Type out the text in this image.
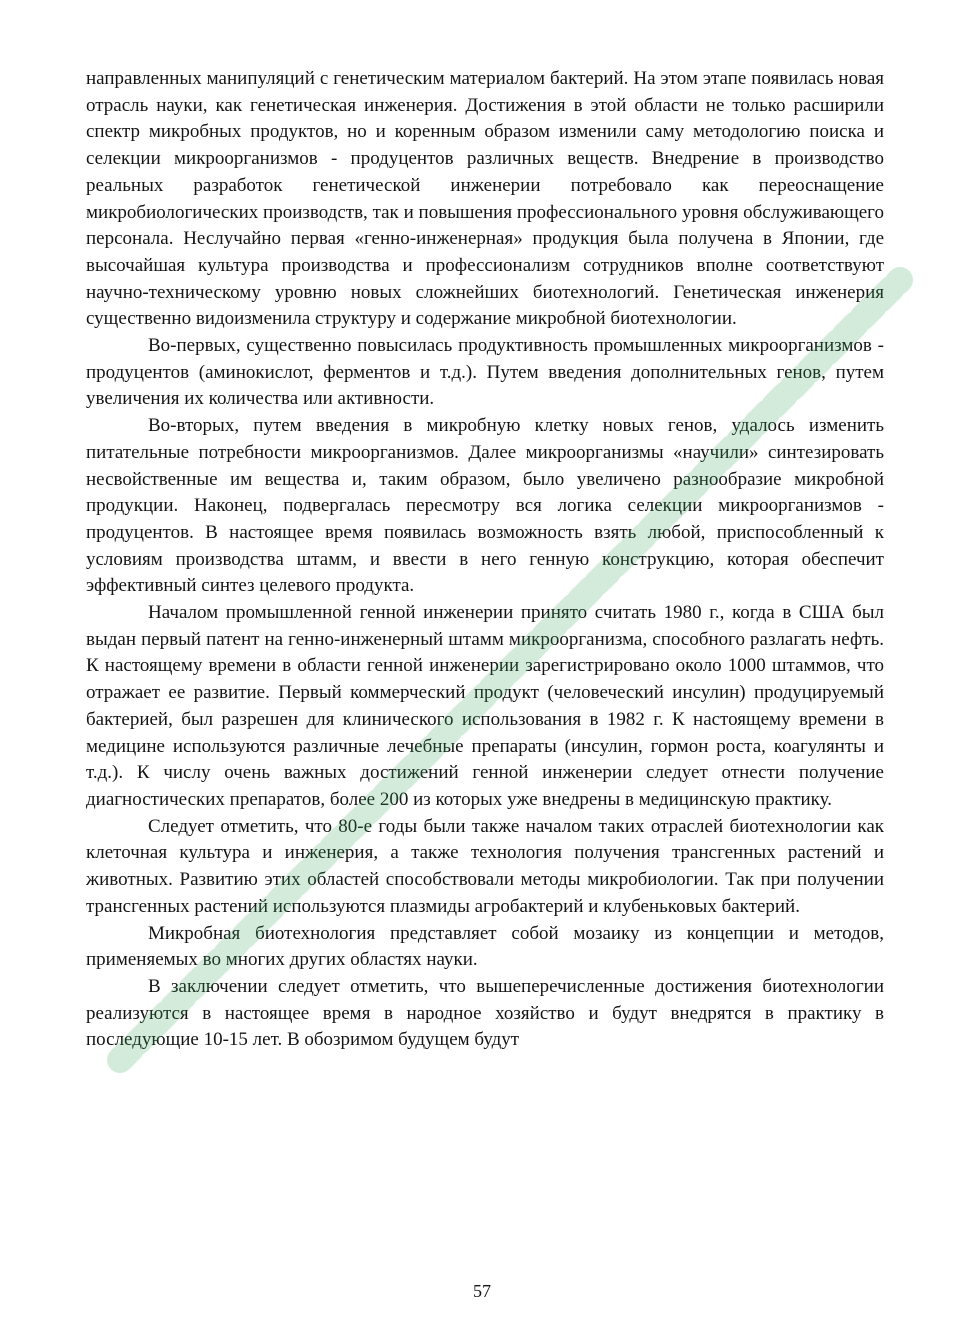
направленных манипуляций с генетическим материалом бактерий. На этом этапе появилась новая отрасль науки, как генетическая инженерия. Достижения в этой области не только расширили спектр микробных продуктов, но и коренным образом изменили саму методологию поиска и селекции микроорганизмов - продуцентов различных веществ. Внедрение в производство реальных разработок генетической инженерии потребовало как переоснащение микробиологических производств, так и повышения профессионального уровня обслуживающего персонала. Неслучайно первая «генно-инженерная» продукция была получена в Японии, где высочайшая культура производства и профессионализм сотрудников вполне соответствуют научно-техническому уровню новых сложнейших биотехнологий. Генетическая инженерия существенно видоизменила структуру и содержание микробной биотехнологии.

Во-первых, существенно повысилась продуктивность промышленных микроорганизмов - продуцентов (аминокислот, ферментов и т.д.). Путем введения дополнительных генов, путем увеличения их количества или активности.

Во-вторых, путем введения в микробную клетку новых генов, удалось изменить питательные потребности микроорганизмов. Далее микроорганизмы «научили» синтезировать несвойственные им вещества и, таким образом, было увеличено разнообразие микробной продукции. Наконец, подвергалась пересмотру вся логика селекции микроорганизмов - продуцентов. В настоящее время появилась возможность взять любой, приспособленный к условиям производства штамм, и ввести в него генную конструкцию, которая обеспечит эффективный синтез целевого продукта.

Началом промышленной генной инженерии принято считать 1980 г., когда в США был выдан первый патент на генно-инженерный штамм микроорганизма, способного разлагать нефть. К настоящему времени в области генной инженерии зарегистрировано около 1000 штаммов, что отражает ее развитие. Первый коммерческий продукт (человеческий инсулин) продуцируемый бактерией, был разрешен для клинического использования в 1982 г. К настоящему времени в медицине используются различные лечебные препараты (инсулин, гормон роста, коагулянты и т.д.). К числу очень важных достижений генной инженерии следует отнести получение диагностических препаратов, более 200 из которых уже внедрены в медицинскую практику.

Следует отметить, что 80-е годы были также началом таких отраслей биотехнологии как клеточная культура и инженерия, а также технология получения трансгенных растений и животных. Развитию этих областей способствовали методы микробиологии. Так при получении трансгенных растений используются плазмиды агробактерий и клубеньковых бактерий.

Микробная биотехнология представляет собой мозаику из концепции и методов, применяемых во многих других областях науки.

В заключении следует отметить, что вышеперечисленные достижения биотехнологии реализуются в настоящее время в народное хозяйство и будут внедрятся в практику в последующие 10-15 лет. В обозримом будущем будут

57
